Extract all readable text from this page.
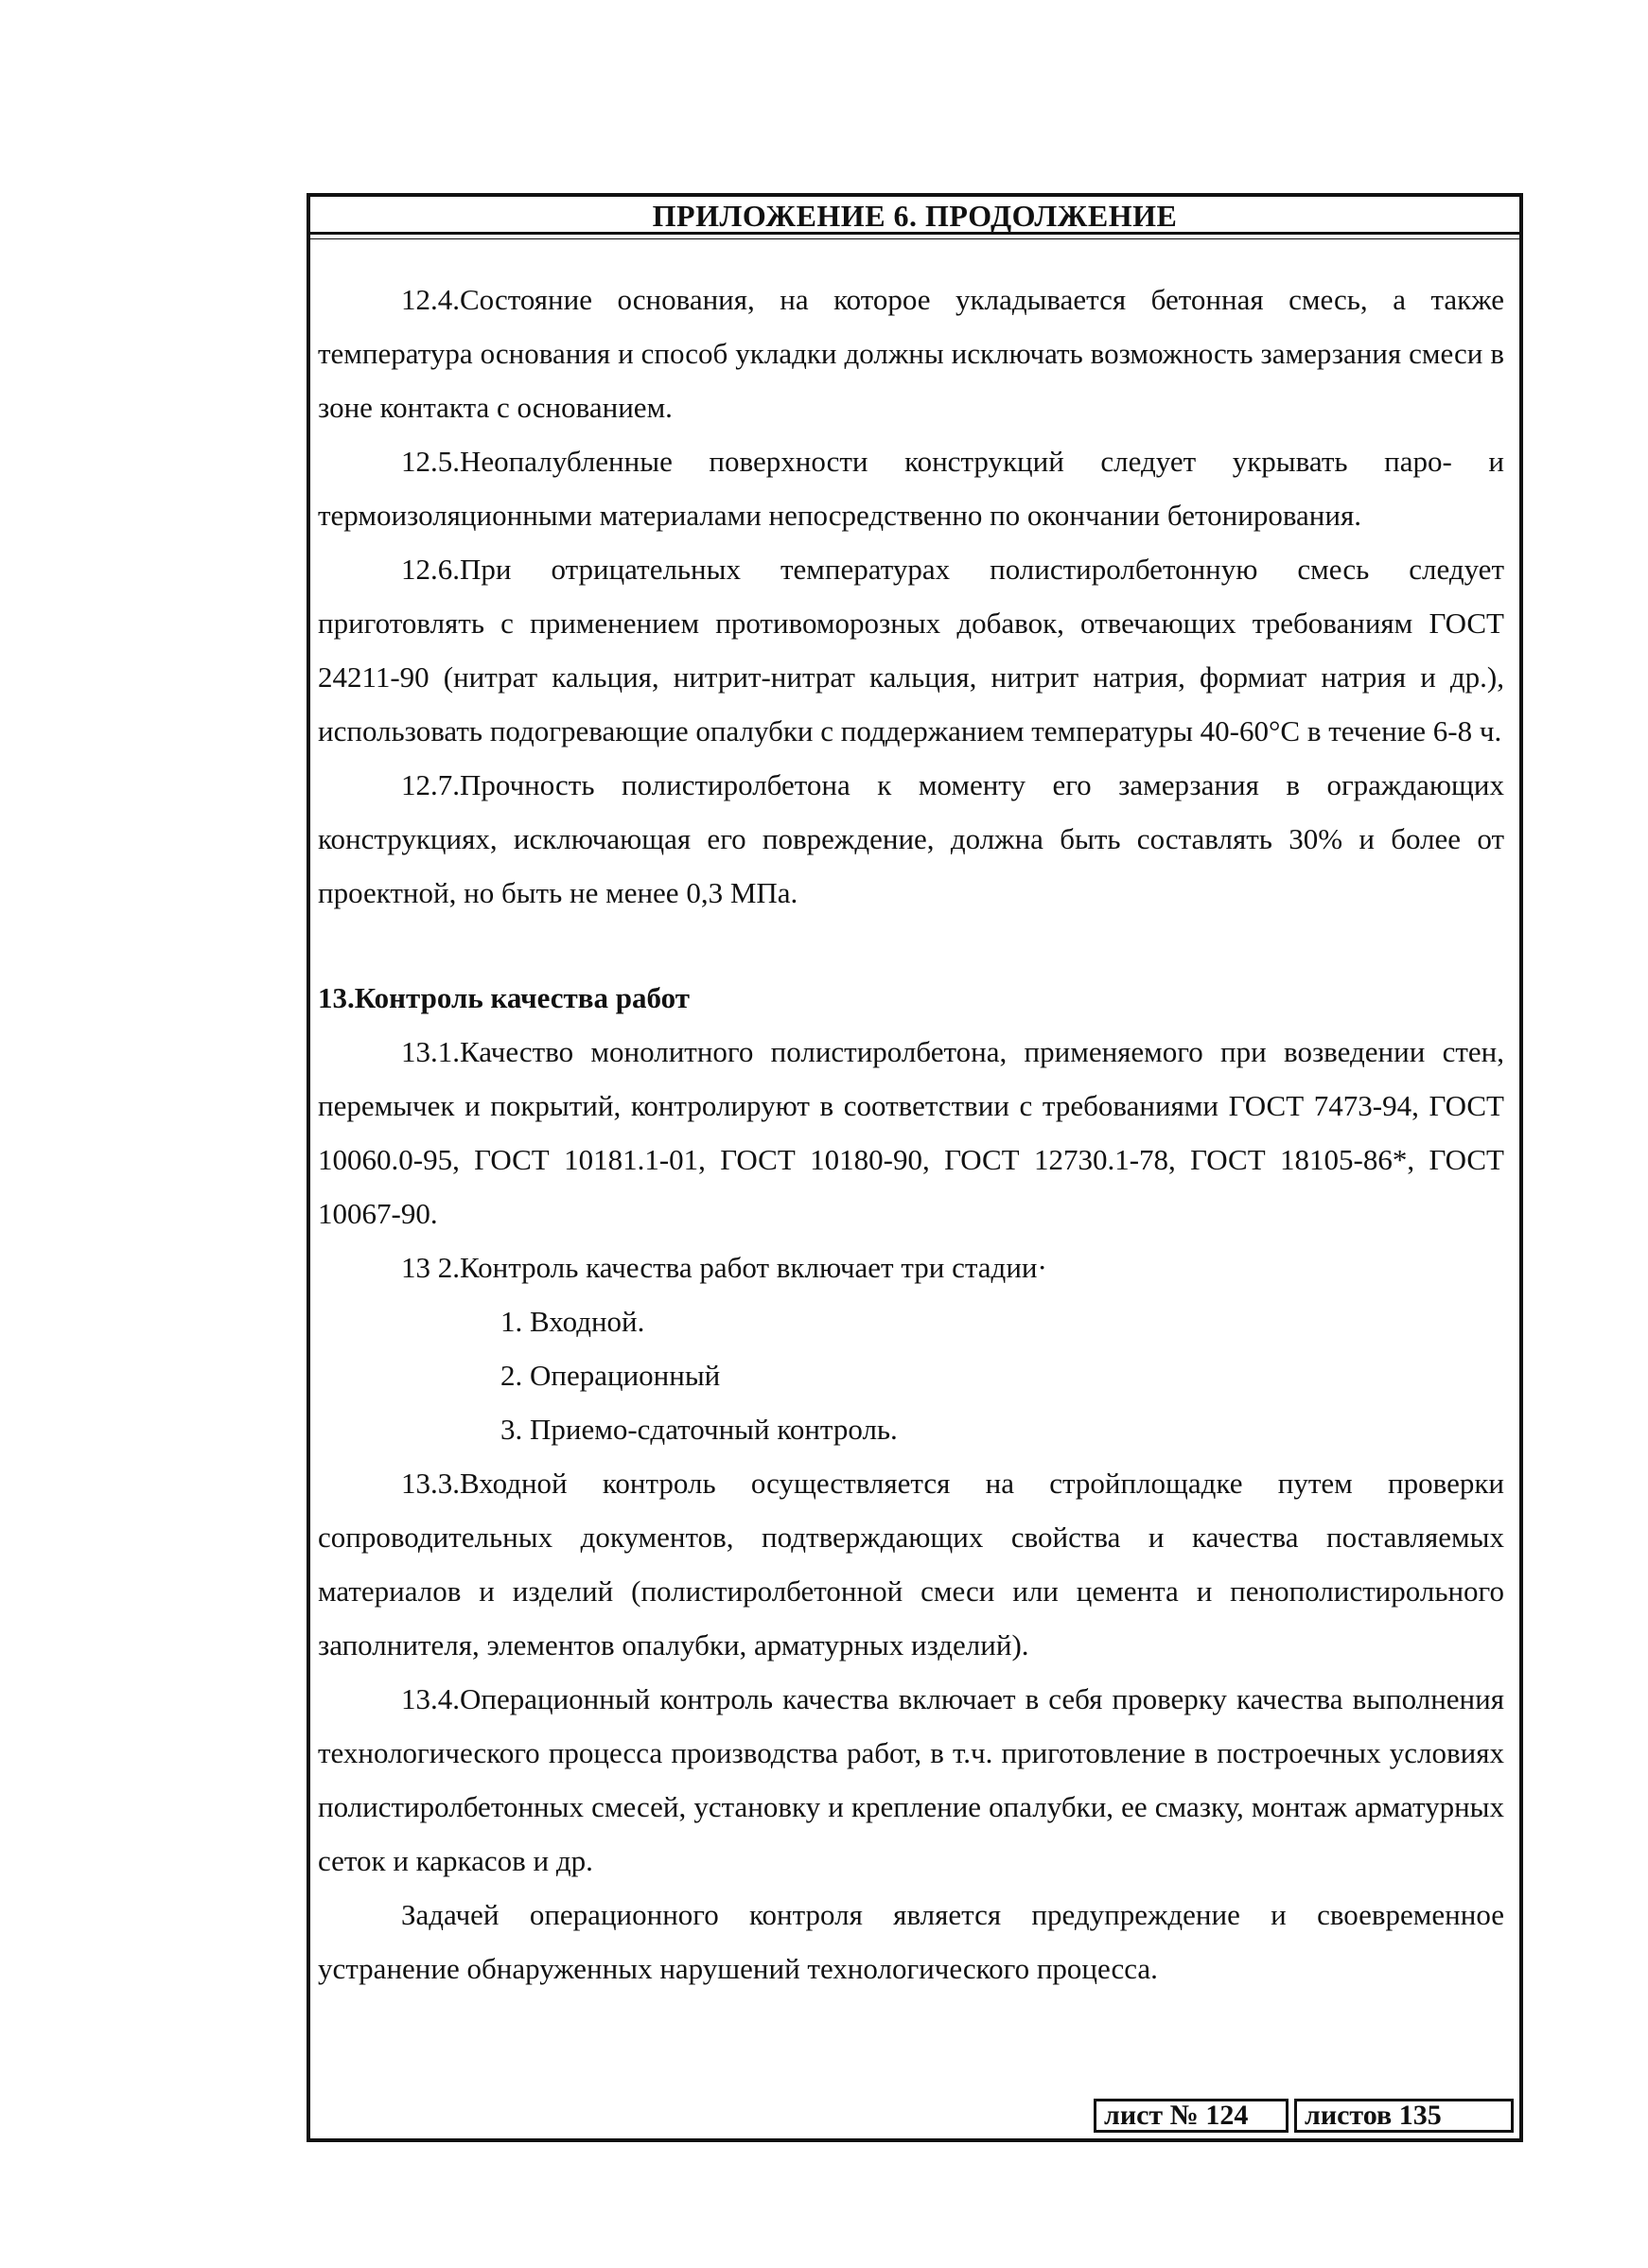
ПРИЛОЖЕНИЕ 6. ПРОДОЛЖЕНИЕ

12.4.Состояние основания, на которое укладывается бетонная смесь, а также температура основания и способ укладки должны исключать возможность замерзания смеси в зоне контакта с основанием.

12.5.Неопалубленные поверхности конструкций следует укрывать паро- и термоизоляционными материалами непосредственно по окончании бетонирования.

12.6.При отрицательных температурах полистиролбетонную смесь следует приготовлять с применением противоморозных добавок, отвечающих требованиям ГОСТ 24211-90 (нитрат кальция, нитрит-нитрат кальция, нитрит натрия, формиат натрия и др.), использовать подогревающие опалубки с поддержанием температуры 40-60°С в течение 6-8 ч.

12.7.Прочность полистиролбетона к моменту его замерзания в ограждающих конструкциях, исключающая его повреждение, должна быть составлять 30% и более от проектной, но быть не менее 0,3 МПа.

13.Контроль качества работ

13.1.Качество монолитного полистиролбетона, применяемого при возведении стен, перемычек и покрытий, контролируют в соответствии с требованиями ГОСТ 7473-94, ГОСТ 10060.0-95, ГОСТ 10181.1-01, ГОСТ 10180-90, ГОСТ 12730.1-78, ГОСТ 18105-86*, ГОСТ 10067-90.

13 2.Контроль качества работ включает три стадии·

1. Входной.

2. Операционный

3. Приемо-сдаточный контроль.

13.3.Входной контроль осуществляется на стройплощадке путем проверки сопроводительных документов, подтверждающих свойства и качества поставляемых материалов и изделий (полистиролбетонной смеси или цемента и пенополистирольного заполнителя, элементов опалубки, арматурных изделий).

13.4.Операционный контроль качества включает в себя проверку качества выполнения технологического процесса производства работ, в т.ч. приготовление в построечных условиях полистиролбетонных смесей, установку и крепление опалубки, ее смазку, монтаж арматурных сеток и каркасов и др.

Задачей операционного контроля является предупреждение и своевременное устранение обнаруженных нарушений технологического процесса.

лист № 124	листов 135
